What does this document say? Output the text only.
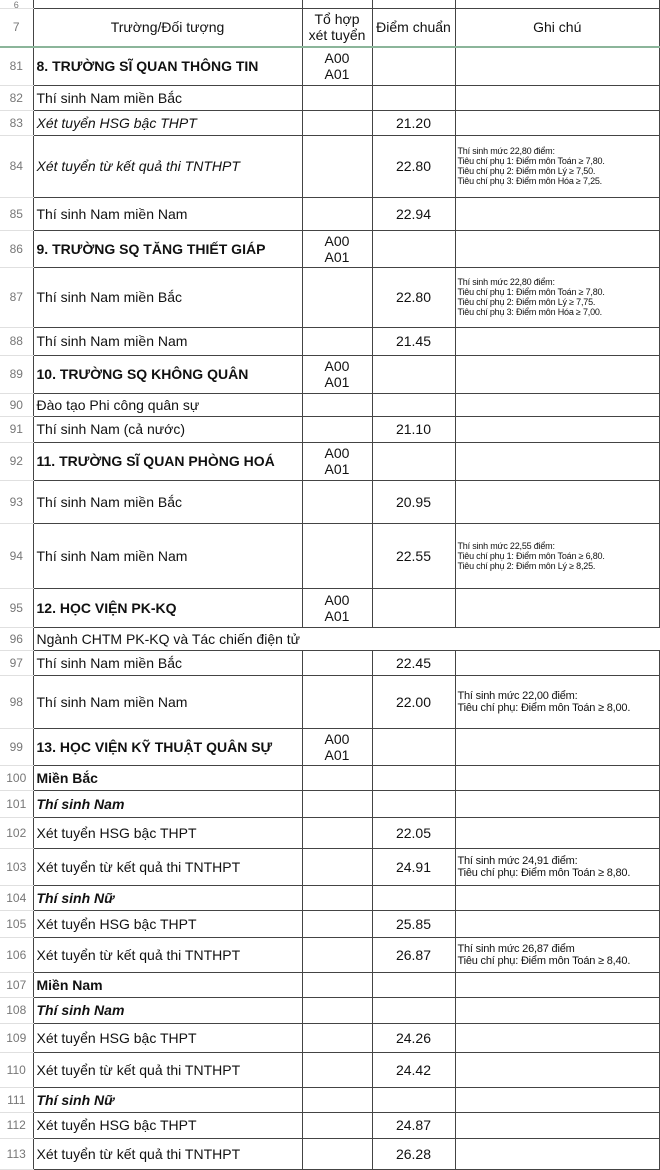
6				
7	Trường/Đối tượng	Tổ hợp
xét tuyển	Điểm chuẩn	Ghi chú
81	8. TRƯỜNG SĨ QUAN THÔNG TIN	A00
A01		

82	Thí sinh Nam miền Bắc			
83	Xét tuyển HSG bậc THPT		21.20	
84	Xét tuyển từ kết quả thi TNTHPT		22.80	Thí sinh mức 22,80 điểm:
Tiêu chí phụ 1: Điểm môn Toán ≥ 7,80.
Tiêu chí phụ 2: Điểm môn Lý ≥ 7,50.
Tiêu chí phụ 3: Điểm môn Hóa ≥ 7,25.

85	Thí sinh Nam miền Nam		22.94	
86	9. TRƯỜNG SQ TĂNG THIẾT GIÁP	A00
A01		

87	Thí sinh Nam miền Bắc		22.80	Thí sinh mức 22,80 điểm:
Tiêu chí phụ 1: Điểm môn Toán ≥ 7,80.
Tiêu chí phụ 2: Điểm môn Lý ≥ 7,75.
Tiêu chí phụ 3: Điểm môn Hóa ≥ 7,00.

88	Thí sinh Nam miền Nam		21.45	
89	10. TRƯỜNG SQ KHÔNG QUÂN	A00
A01		

90	Đào tạo Phi công quân sự			
91	Thí sinh Nam (cả nước)		21.10	
92	11. TRƯỜNG SĨ QUAN PHÒNG HOÁ	A00
A01		

93	Thí sinh Nam miền Bắc		20.95	
94	Thí sinh Nam miền Nam		22.55	Thí sinh mức 22,55 điểm:
Tiêu chí phụ 1: Điểm môn Toán ≥ 6,80.
Tiêu chí phụ 2: Điểm môn Lý ≥ 8,25.

95	12. HỌC VIỆN PK-KQ	A00
A01		

96	Ngành CHTM PK-KQ và Tác chiến điện tử			
97	Thí sinh Nam miền Bắc		22.45	
98	Thí sinh Nam miền Nam		22.00	Thí sinh mức 22,00 điểm:
Tiêu chí phụ: Điểm môn Toán ≥ 8,00.

99	13. HỌC VIỆN KỸ THUẬT QUÂN SỰ	A00
A01		

100	Miền Bắc			
101	Thí sinh Nam			
102	Xét tuyển HSG bậc THPT		22.05	
103	Xét tuyển từ kết quả thi TNTHPT		24.91	Thí sinh mức 24,91 điểm:
Tiêu chí phụ: Điểm môn Toán ≥ 8,80.

104	Thí sinh Nữ			
105	Xét tuyển HSG bậc THPT		25.85	
106	Xét tuyển từ kết quả thi TNTHPT		26.87	Thí sinh mức 26,87 điểm
Tiêu chí phụ: Điểm môn Toán ≥ 8,40.

107	Miền Nam			
108	Thí sinh Nam			
109	Xét tuyển HSG bậc THPT		24.26	
110	Xét tuyển từ kết quả thi TNTHPT		24.42	
111	Thí sinh Nữ			
112	Xét tuyển HSG bậc THPT		24.87	
113	Xét tuyển từ kết quả thi TNTHPT		26.28	
